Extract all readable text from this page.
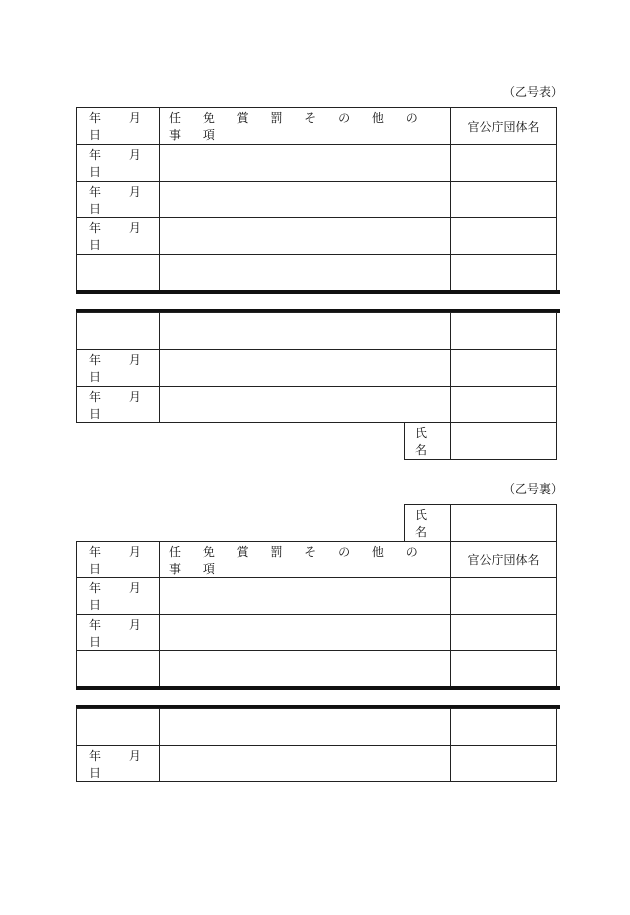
（乙号表）
年 月 日
任 免 賞 罰 そ の 他 の 事 項
官公庁団体名
年 月 日
年 月 日
年 月 日
年 月 日
年 月 日
氏 名
（乙号裏）
氏 名
年 月 日
任 免 賞 罰 そ の 他 の 事 項
官公庁団体名
年 月 日
年 月 日
年 月 日
